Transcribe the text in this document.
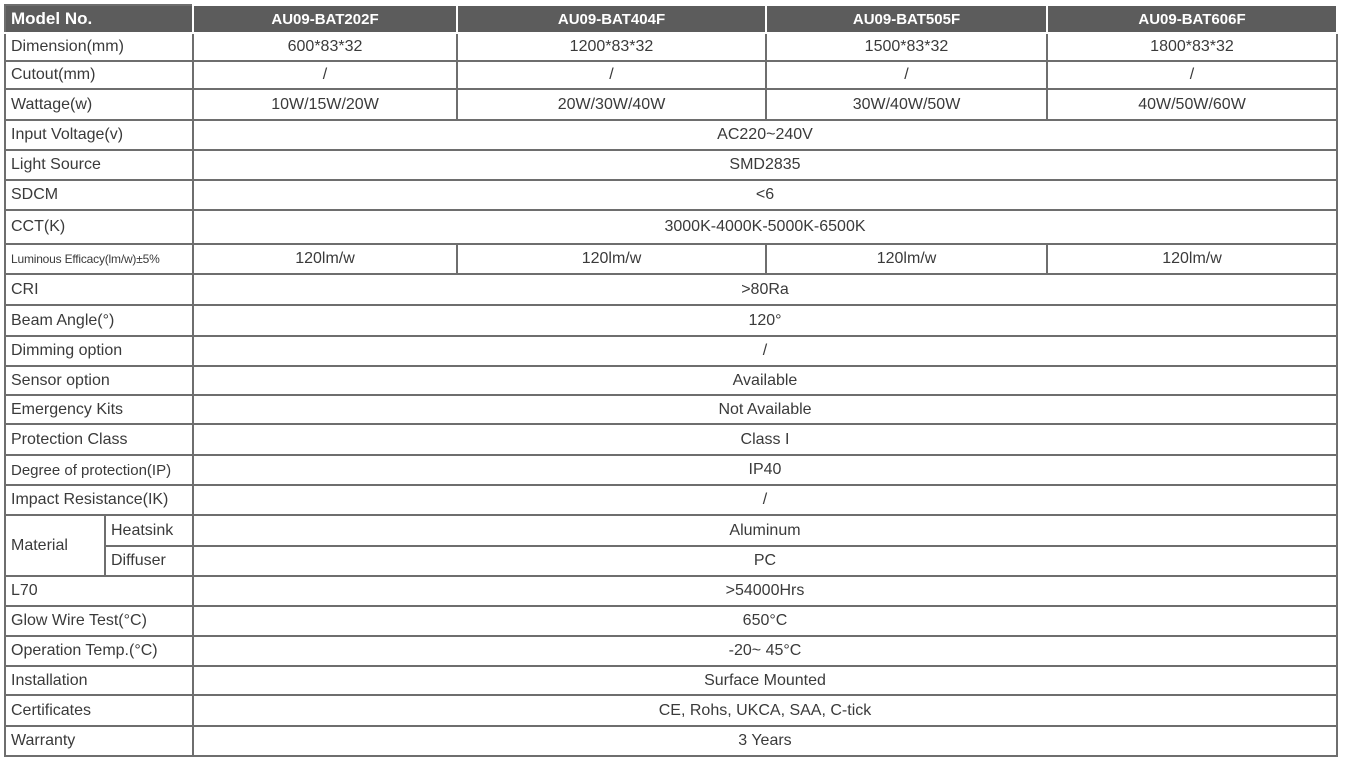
Model No.		AU09-BAT202F	AU09-BAT404F	AU09-BAT505F	AU09-BAT606F
Dimension(mm)		600*83*32	1200*83*32	1500*83*32	1800*83*32
Cutout(mm)		/	/	/	/
Wattage(w)		10W/15W/20W	20W/30W/40W	30W/40W/50W	40W/50W/60W
Input Voltage(v)		AC220~240V			
Light Source		SMD2835			
SDCM		<6			
CCT(K)		3000K-4000K-5000K-6500K			
Luminous Efficacy(lm/w)±5%		120lm/w	120lm/w	120lm/w	120lm/w
CRI		>80Ra			
Beam Angle(°)		120°			
Dimming option		/			
Sensor option		Available			
Emergency Kits		Not Available			
Protection Class		Class I			
Degree of protection(IP)		IP40			
Impact Resistance(IK)		/			
Material	Heatsink	Aluminum			
	Diffuser	PC			
L70		>54000Hrs			
Glow Wire Test(°C)		650°C			
Operation Temp.(°C)		-20~ 45°C			
Installation		Surface Mounted			
Certificates		CE, Rohs, UKCA, SAA, C-tick			
Warranty		3 Years			
